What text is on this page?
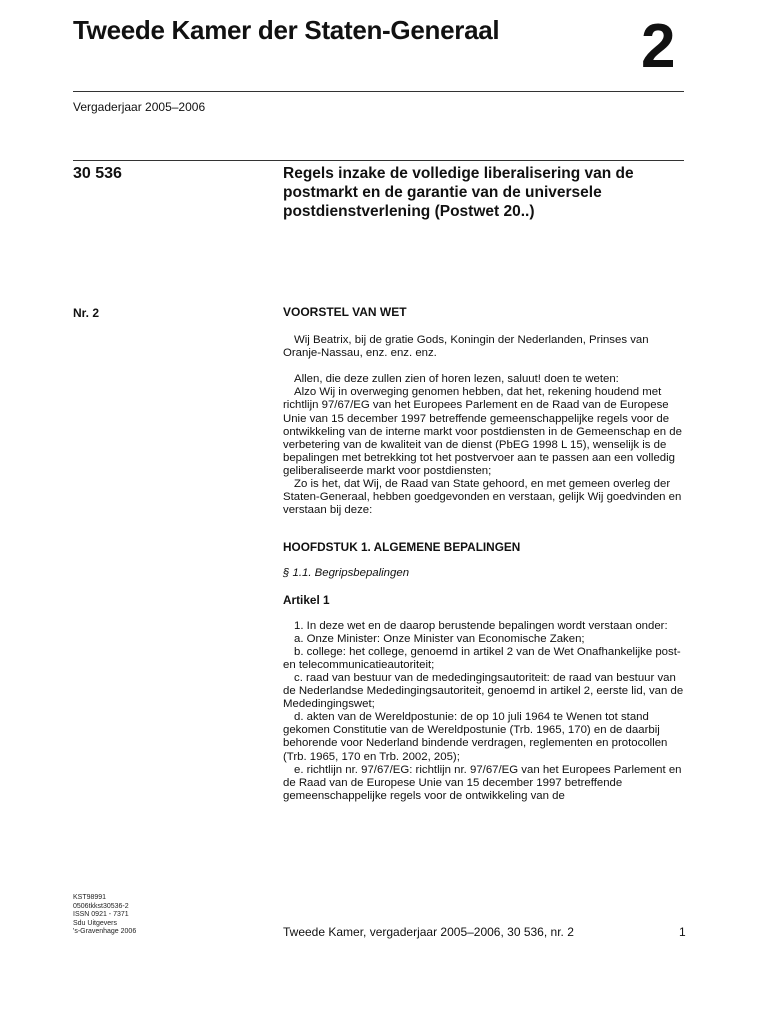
Tweede Kamer der Staten-Generaal 2
Vergaderjaar 2005–2006
30 536	Regels inzake de volledige liberalisering van de postmarkt en de garantie van de universele postdienstverlening (Postwet 20..)
Nr. 2	VOORSTEL VAN WET

Wij Beatrix, bij de gratie Gods, Koningin der Nederlanden, Prinses van Oranje-Nassau, enz. enz. enz.

Allen, die deze zullen zien of horen lezen, saluut! doen te weten:

Alzo Wij in overweging genomen hebben, dat het, rekening houdend met richtlijn 97/67/EG van het Europees Parlement en de Raad van de Europese Unie van 15 december 1997 betreffende gemeenschappelijke regels voor de ontwikkeling van de interne markt voor postdiensten in de Gemeenschap en de verbetering van de kwaliteit van de dienst (PbEG 1998 L 15), wenselijk is de bepalingen met betrekking tot het postvervoer aan te passen aan een volledig geliberaliseerde markt voor postdiensten;

Zo is het, dat Wij, de Raad van State gehoord, en met gemeen overleg der Staten-Generaal, hebben goedgevonden en verstaan, gelijk Wij goedvinden en verstaan bij deze:

HOOFDSTUK 1. ALGEMENE BEPALINGEN

§ 1.1. Begripsbepalingen

Artikel 1

1. In deze wet en de daarop berustende bepalingen wordt verstaan onder:

a. Onze Minister: Onze Minister van Economische Zaken;

b. college: het college, genoemd in artikel 2 van de Wet Onafhankelijke post- en telecommunicatieautoriteit;

c. raad van bestuur van de mededingingsautoriteit: de raad van bestuur van de Nederlandse Mededingingsautoriteit, genoemd in artikel 2, eerste lid, van de Mededingingswet;

d. akten van de Wereldpostunie: de op 10 juli 1964 te Wenen tot stand gekomen Constitutie van de Wereldpostunie (Trb. 1965, 170) en de daarbij behorende voor Nederland bindende verdragen, reglementen en protocollen (Trb. 1965, 170 en Trb. 2002, 205);

e. richtlijn nr. 97/67/EG: richtlijn nr. 97/67/EG van het Europees Parlement en de Raad van de Europese Unie van 15 december 1997 betreffende gemeenschappelijke regels voor de ontwikkeling van de

KST98991
0506tkkst30536-2
ISSN 0921 - 7371
Sdu Uitgevers
's-Gravenhage 2006	Tweede Kamer, vergaderjaar 2005–2006, 30 536, nr. 2	1
